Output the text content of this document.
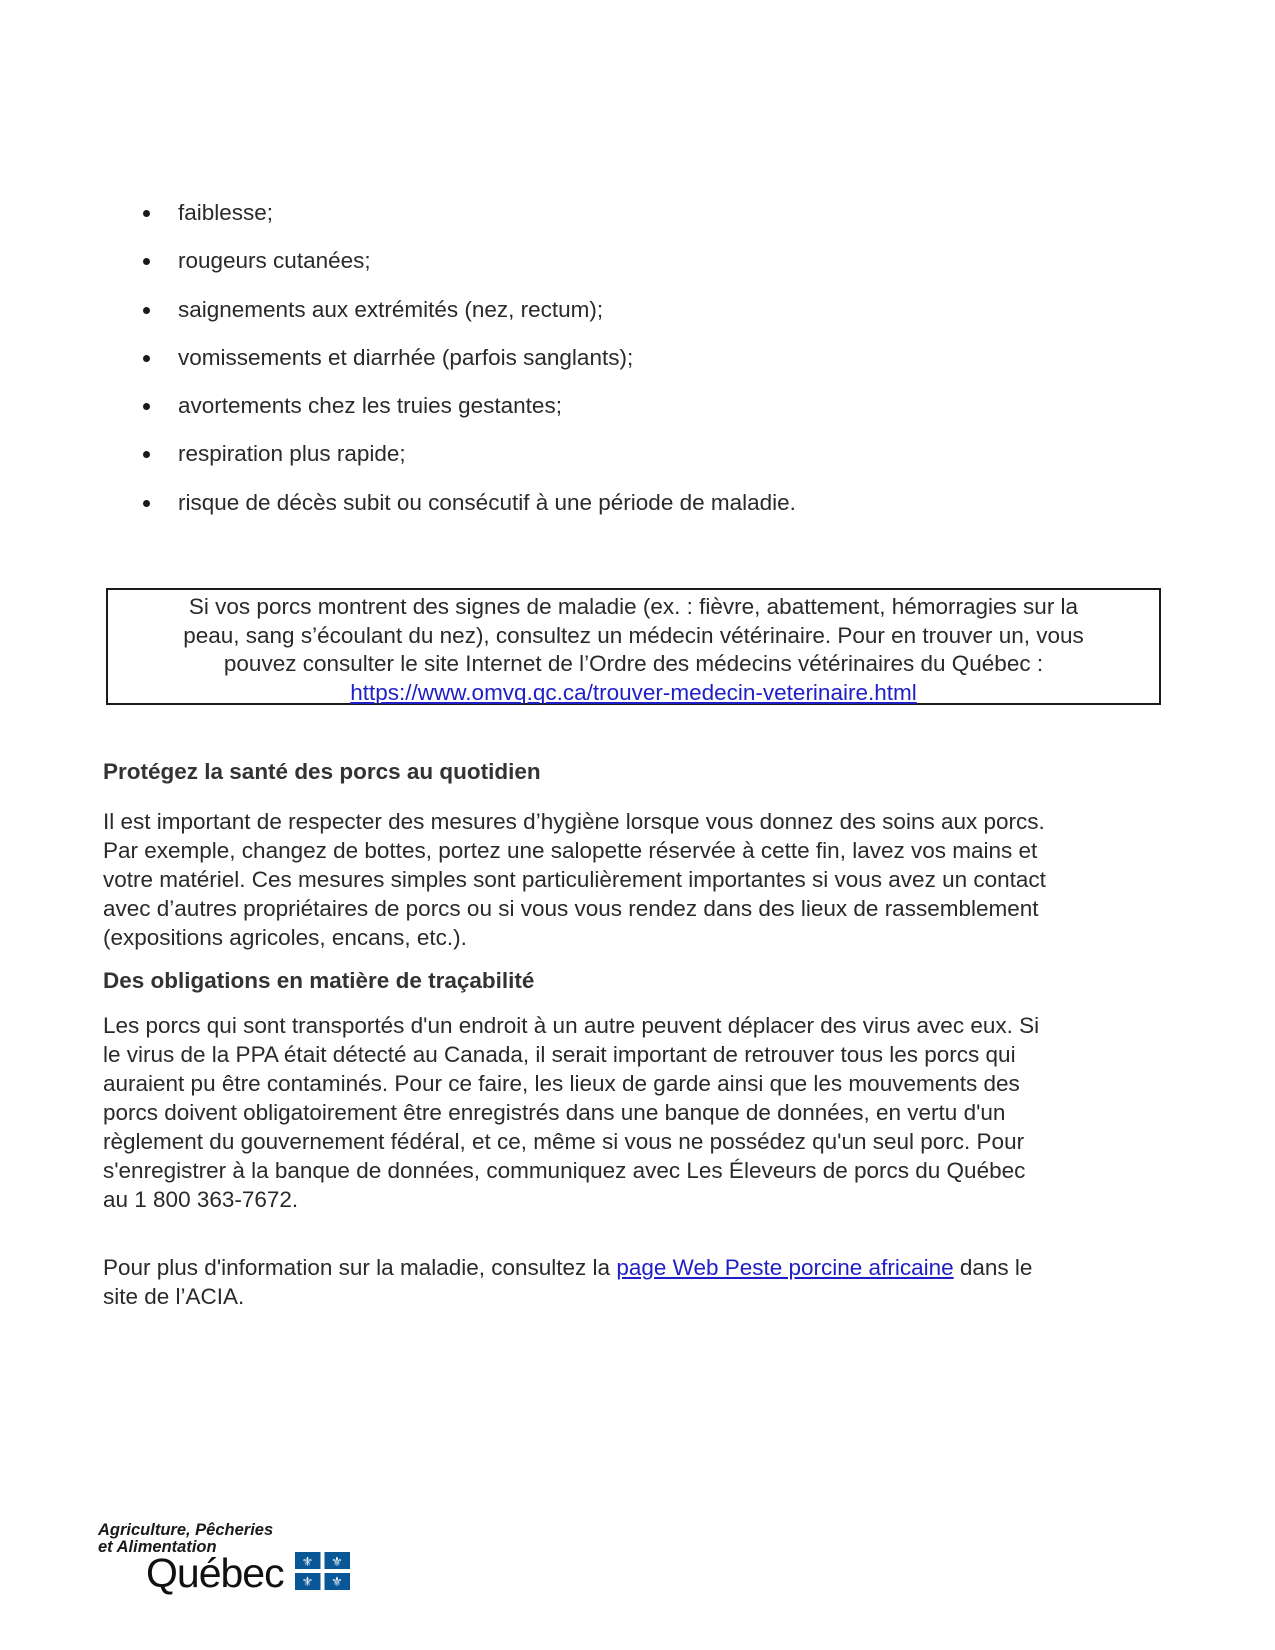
faiblesse;
rougeurs cutanées;
saignements aux extrémités (nez, rectum);
vomissements et diarrhée (parfois sanglants);
avortements chez les truies gestantes;
respiration plus rapide;
risque de décès subit ou consécutif à une période de maladie.

Si vos porcs montrent des signes de maladie (ex. : fièvre, abattement, hémorragies sur la

peau, sang s’écoulant du nez), consultez un médecin vétérinaire. Pour en trouver un, vous

pouvez consulter le site Internet de l’Ordre des médecins vétérinaires du Québec :

https://www.omvq.qc.ca/trouver-medecin-veterinaire.html

Protégez la santé des porcs au quotidien

Il est important de respecter des mesures d’hygiène lorsque vous donnez des soins aux porcs.
Par exemple, changez de bottes, portez une salopette réservée à cette fin, lavez vos mains et
votre matériel. Ces mesures simples sont particulièrement importantes si vous avez un contact
avec d’autres propriétaires de porcs ou si vous vous rendez dans des lieux de rassemblement
(expositions agricoles, encans, etc.).

Des obligations en matière de traçabilité

Les porcs qui sont transportés d'un endroit à un autre peuvent déplacer des virus avec eux. Si
le virus de la PPA était détecté au Canada, il serait important de retrouver tous les porcs qui
auraient pu être contaminés. Pour ce faire, les lieux de garde ainsi que les mouvements des
porcs doivent obligatoirement être enregistrés dans une banque de données, en vertu d'un
règlement du gouvernement fédéral, et ce, même si vous ne possédez qu'un seul porc. Pour
s'enregistrer à la banque de données, communiquez avec Les Éleveurs de porcs du Québec
au 1 800 363-7672.

Pour plus d'information sur la maladie, consultez la page Web Peste porcine africaine dans le
site de l’ACIA.

Agriculture, Pêcheries
et Alimentation
Québec ⚜ ⚜
⚜ ⚜
